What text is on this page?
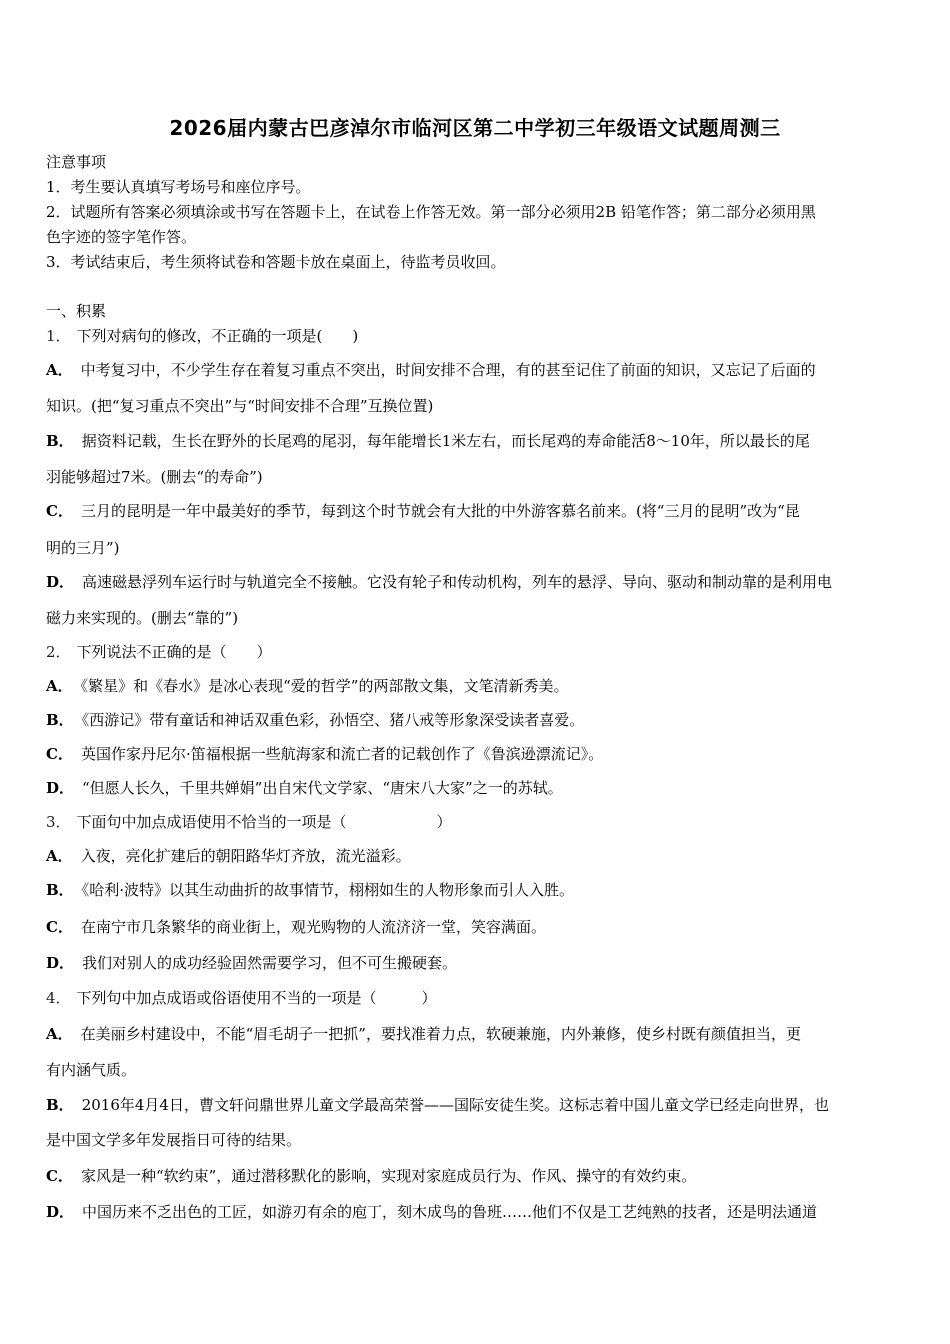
2026届内蒙古巴彦淖尔市临河区第二中学初三年级语文试题周测三
注意事项
1．考生要认真填写考场号和座位序号。
2．试题所有答案必须填涂或书写在答题卡上，在试卷上作答无效。第一部分必须用2B 铅笔作答；第二部分必须用黑
色字迹的签字笔作答。
3．考试结束后，考生须将试卷和答题卡放在桌面上，待监考员收回。
一、积累
1． 下列对病句的修改，不正确的一项是(　　)
A． 中考复习中，不少学生存在着复习重点不突出，时间安排不合理，有的甚至记住了前面的知识，又忘记了后面的
知识。(把“复习重点不突出”与“时间安排不合理”互换位置)
B． 据资料记载，生长在野外的长尾鸡的尾羽，每年能增长1米左右，而长尾鸡的寿命能活8～10年，所以最长的尾
羽能够超过7米。(删去“的寿命”)
C． 三月的昆明是一年中最美好的季节，每到这个时节就会有大批的中外游客慕名前来。(将“三月的昆明”改为“昆
明的三月”)
D． 高速磁悬浮列车运行时与轨道完全不接触。它没有轮子和传动机构，列车的悬浮、导向、驱动和制动靠的是利用电
磁力来实现的。(删去“靠的”)
2． 下列说法不正确的是（　　）
A． 《繁星》和《春水》是冰心表现“爱的哲学”的两部散文集，文笔清新秀美。
B． 《西游记》带有童话和神话双重色彩，孙悟空、猪八戒等形象深受读者喜爱。
C． 英国作家丹尼尔·笛福根据一些航海家和流亡者的记载创作了《鲁滨逊漂流记》。
D． “但愿人长久，千里共婵娟”出自宋代文学家、“唐宋八大家”之一的苏轼。
3． 下面句中加点成语使用不恰当的一项是（　　　　　　）
A． 入夜，亮化扩建后的朝阳路华灯齐放，流光溢彩。
B． 《哈利·波特》以其生动曲折的故事情节，栩栩如生的人物形象而引人入胜。
C． 在南宁市几条繁华的商业街上，观光购物的人流济济一堂，笑容满面。
D． 我们对别人的成功经验固然需要学习，但不可生搬硬套。
4． 下列句中加点成语或俗语使用不当的一项是（　　　）
A． 在美丽乡村建设中，不能“眉毛胡子一把抓”，要找准着力点，软硬兼施，内外兼修，使乡村既有颜值担当，更
有内涵气质。
B． 2016年4月4日，曹文轩问鼎世界儿童文学最高荣誉——国际安徒生奖。这标志着中国儿童文学已经走向世界，也
是中国文学多年发展指日可待的结果。
C． 家风是一种“软约束”，通过潜移默化的影响，实现对家庭成员行为、作风、操守的有效约束。
D． 中国历来不乏出色的工匠，如游刃有余的庖丁，刻木成鸟的鲁班……他们不仅是工艺纯熟的技者，还是明法通道
